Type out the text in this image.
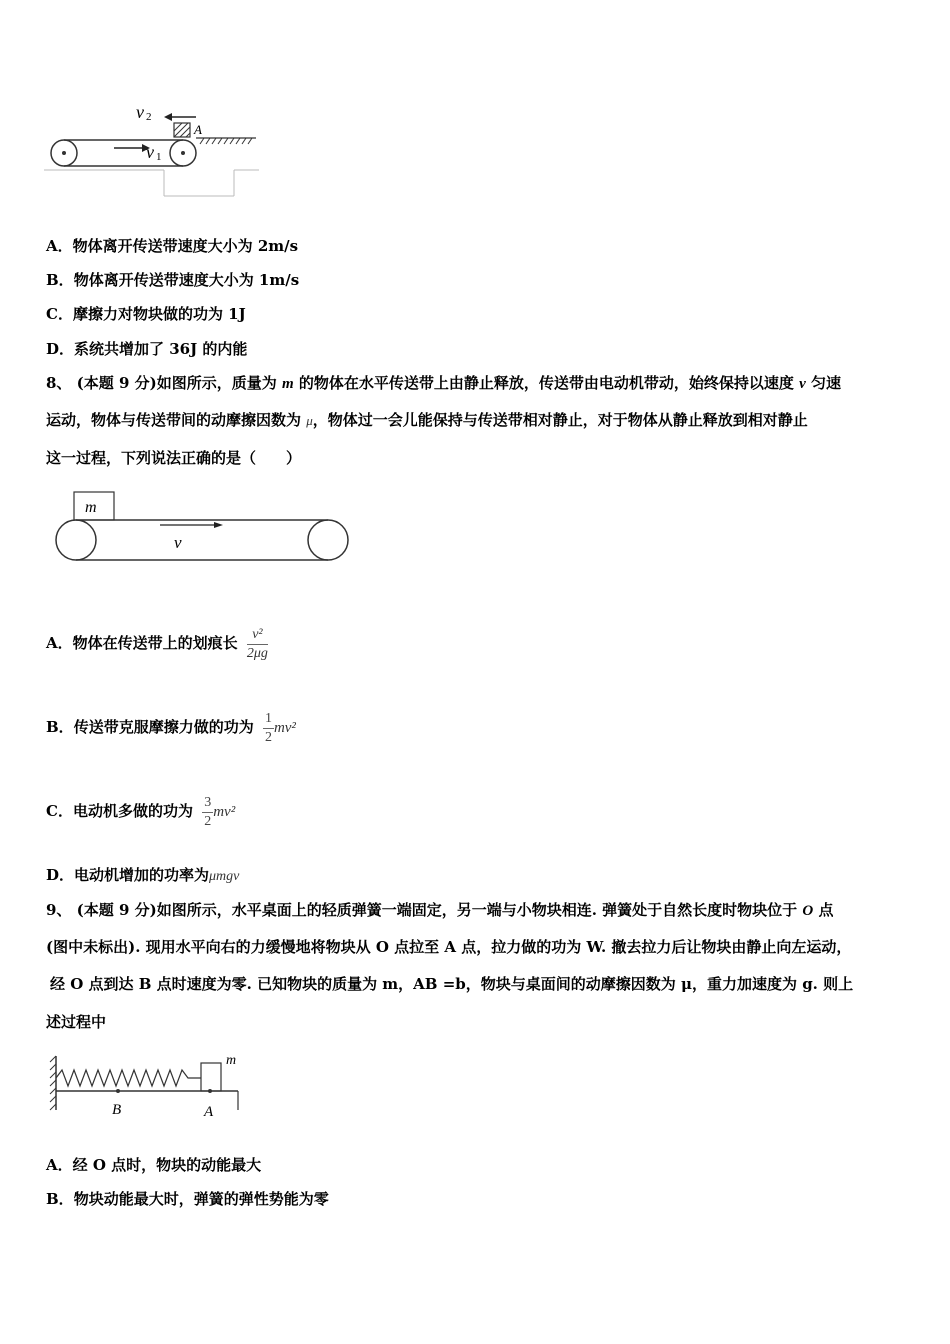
v 1
A
v 2
A．物体离开传送带速度大小为 2m/s
B．物体离开传送带速度大小为 1m/s
C．摩擦力对物块做的功为 1J
D．系统共增加了 36J 的内能
8、 (本题 9 分)如图所示，质量为 m 的物体在水平传送带上由静止释放，传送带由电动机带动，始终保持以速度 v 匀速
运动，物体与传送带间的动摩擦因数为 μ，物体过一会儿能保持与传送带相对静止，对于物体从静止释放到相对静止
这一过程，下列说法正确的是（　　）
m
v
A．物体在传送带上的划痕长 $\frac{\text{v²}}{2\mu g}$
B．传送带克服摩擦力做的功为 $\frac{1}{2} mv^2$
C．电动机多做的功为 $\frac{3}{2} mv^2$
D．电动机增加的功率为μmgv
9、 (本题 9 分)如图所示，水平桌面上的轻质弹簧一端固定，另一端与小物块相连. 弹簧处于自然长度时物块位于 O 点
(图中未标出). 现用水平向右的力缓慢地将物块从 O 点拉至 A 点，拉力做的功为 W. 撤去拉力后让物块由静止向左运动，
经 O 点到达 B 点时速度为零. 已知物块的质量为 m，AB =b，物块与桌面间的动摩擦因数为 μ，重力加速度为 g. 则上
述过程中
m
B	A
A．经 O 点时，物块的动能最大
B．物块动能最大时，弹簧的弹性势能为零
